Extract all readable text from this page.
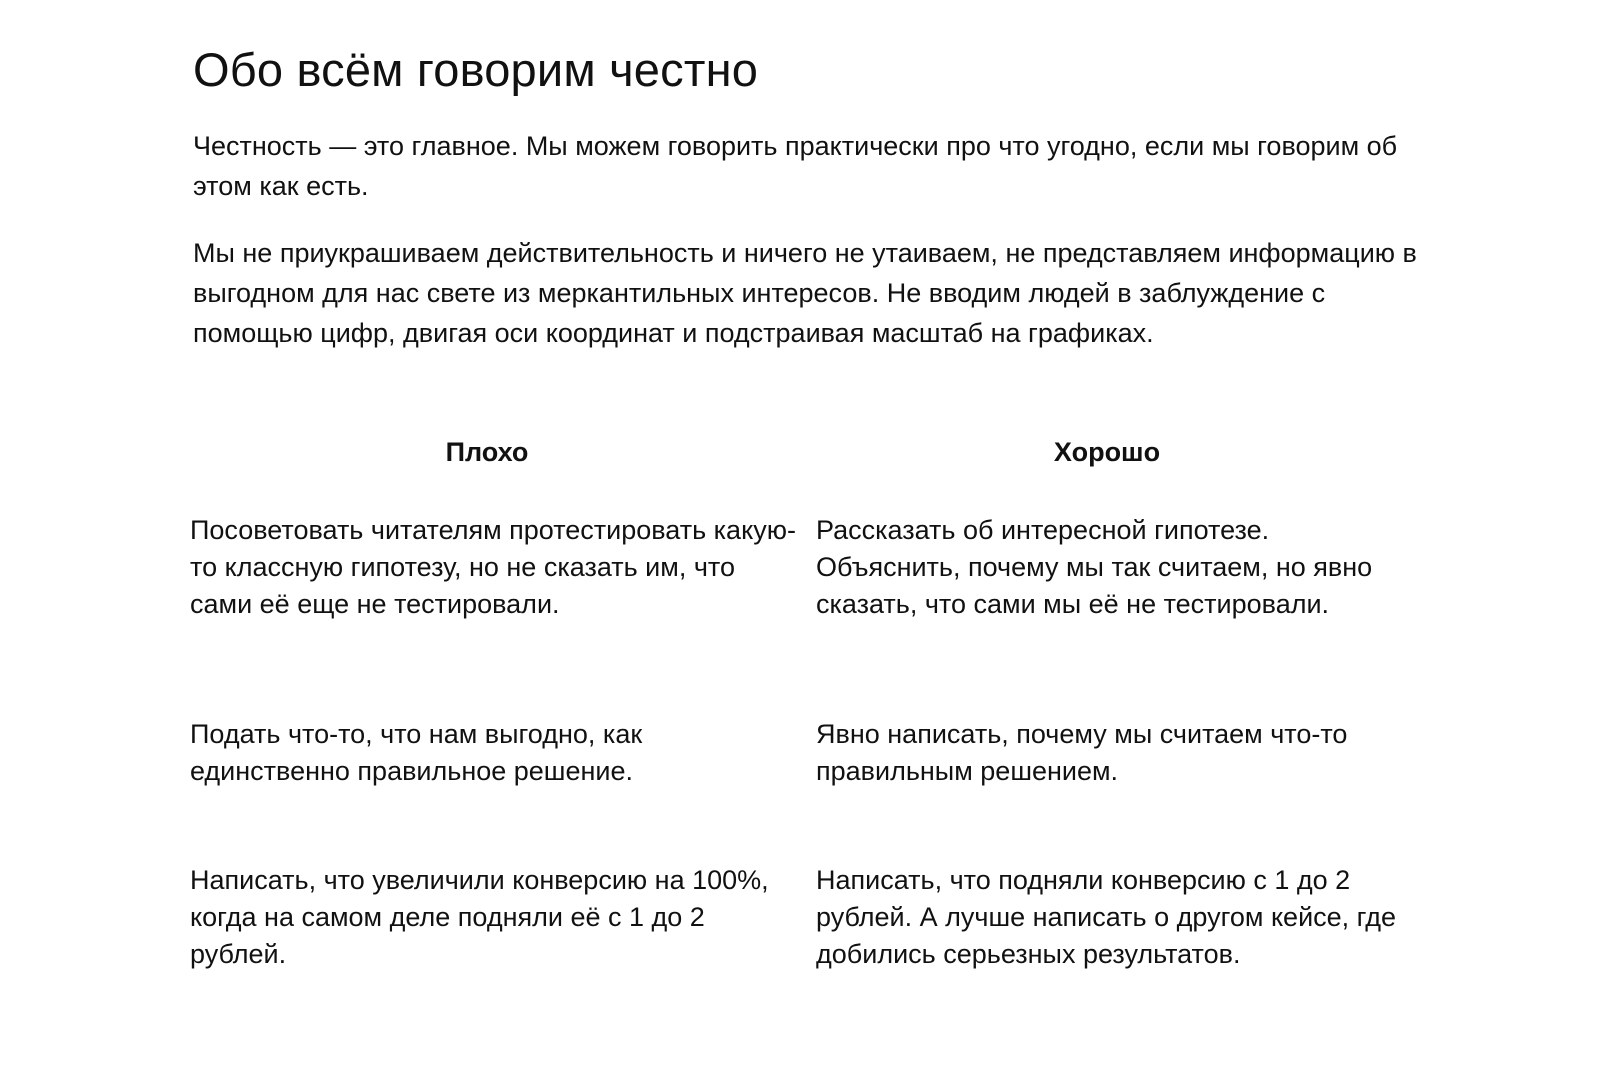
Обо всём говорим честно

Честность — это главное. Мы можем говорить практически про что угодно, если мы говорим об этом как есть.

Мы не приукрашиваем действительность и ничего не утаиваем, не представляем информацию в выгодном для нас свете из меркантильных интересов. Не вводим людей в заблуждение с помощью цифр, двигая оси координат и подстраивая масштаб на графиках.

Плохо	Хорошо

Посоветовать читателям протестировать какую-то классную гипотезу, но не сказать им, что сами её еще не тестировали.

Рассказать об интересной гипотезе. Объяснить, почему мы так считаем, но явно сказать, что сами мы её не тестировали.

Подать что-то, что нам выгодно, как единственно правильное решение.

Явно написать, почему мы считаем что-то правильным решением.

Написать, что увеличили конверсию на 100%, когда на самом деле подняли её с 1 до 2 рублей.

Написать, что подняли конверсию с 1 до 2 рублей. А лучше написать о другом кейсе, где добились серьезных результатов.
